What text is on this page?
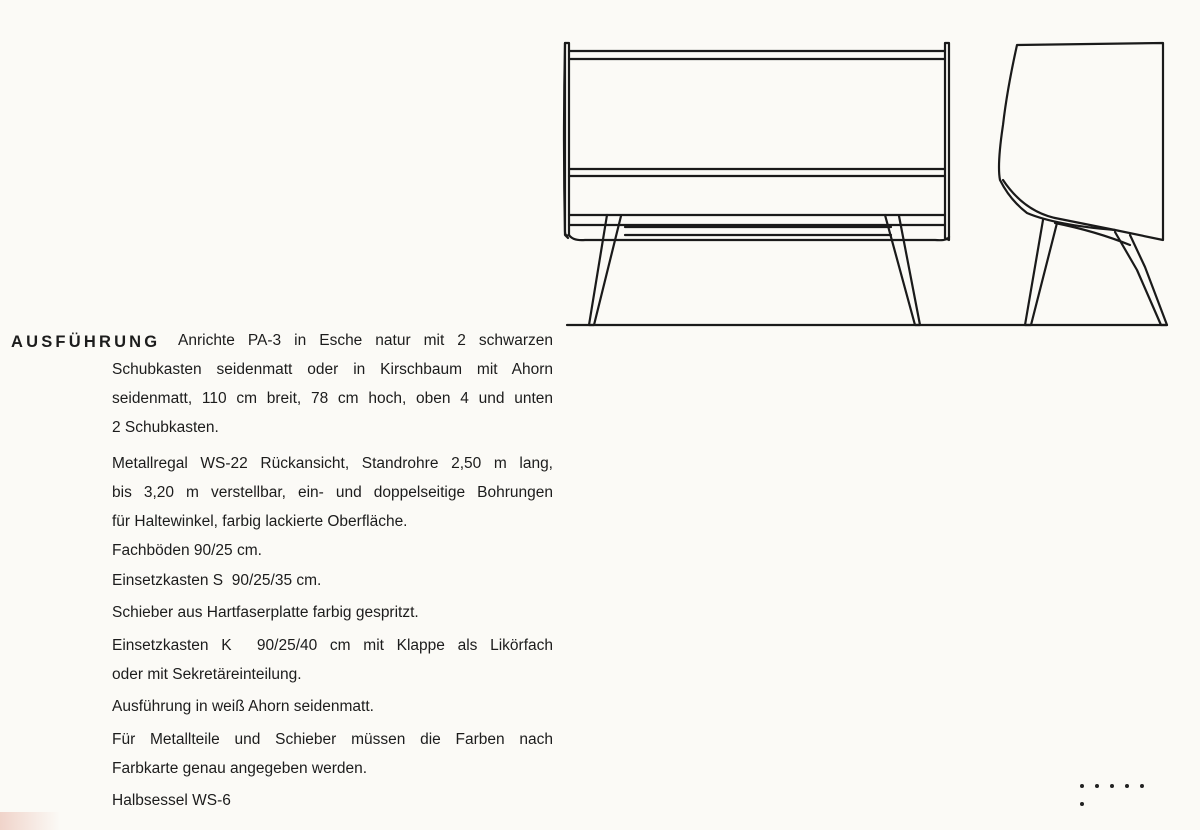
AUSFÜHRUNG Anrichte PA-3 in Esche natur mit 2 schwarzen
Schubkasten seidenmatt oder in Kirschbaum mit Ahorn
seidenmatt, 110 cm breit, 78 cm hoch, oben 4 und unten
2 Schubkasten.
Metallregal WS-22 Rückansicht, Standrohre 2,50 m lang,
bis 3,20 m verstellbar, ein- und doppelseitige Bohrungen
für Haltewinkel, farbig lackierte Oberfläche.
Fachböden 90/25 cm.
Einsetzkasten S  90/25/35 cm.
Schieber aus Hartfaserplatte farbig gespritzt.
Einsetzkasten K  90/25/40 cm mit Klappe als Likörfach
oder mit Sekretäreinteilung.
Ausführung in weiß Ahorn seidenmatt.
Für Metallteile und Schieber müssen die Farben nach
Farbkarte genau angegeben werden.
Halbsessel WS-6
